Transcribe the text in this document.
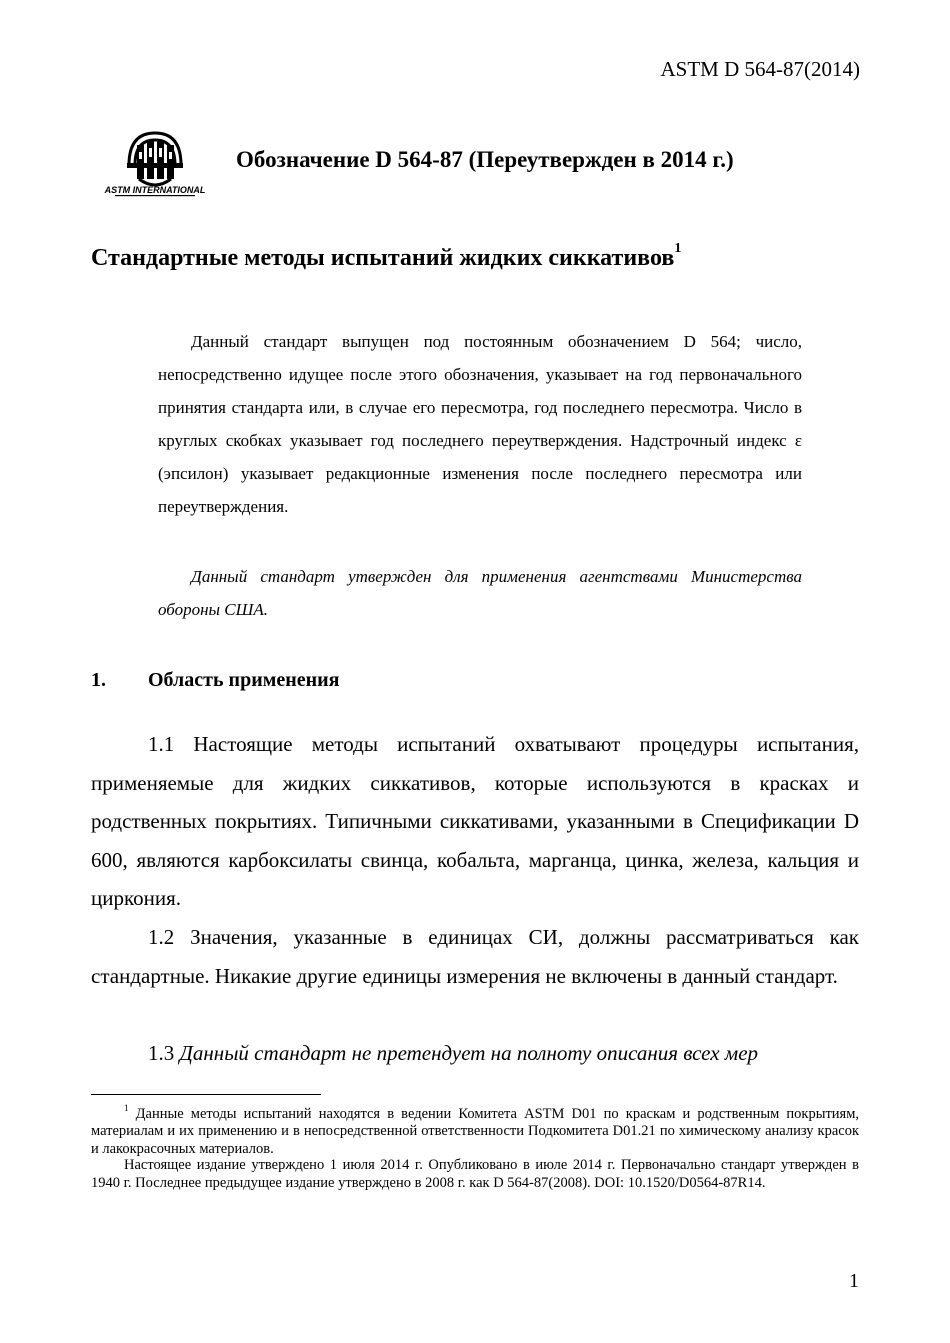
ASTM D 564-87(2014)
ASTM INTERNATIONAL
Обозначение D 564-87 (Переутвержден в 2014 г.)
Стандартные методы испытаний жидких сиккативов$^1$

Данный стандарт выпущен под постоянным обозначением D 564; число, непосредственно идущее после этого обозначения, указывает на год первоначального принятия стандарта или, в случае его пересмотра, год последнего пересмотра. Число в круглых скобках указывает год последнего переутверждения. Надстрочный индекс ε (эпсилон) указывает редакционные изменения после последнего пересмотра или переутверждения.

Данный стандарт утвержден для применения агентствами Министерства обороны США.

1. Область применения

1.1 Настоящие методы испытаний охватывают процедуры испытания, применяемые для жидких сиккативов, которые используются в красках и родственных покрытиях. Типичными сиккативами, указанными в Спецификации D 600, являются карбоксилаты свинца, кобальта, марганца, цинка, железа, кальция и циркония.

1.2 Значения, указанные в единицах СИ, должны рассматриваться как стандартные. Никакие другие единицы измерения не включены в данный стандарт.

1.3 Данный стандарт не претендует на полноту описания всех мер

$^1$ Данные методы испытаний находятся в ведении Комитета ASTM D01 по краскам и родственным покрытиям, материалам и их применению и в непосредственной ответственности Подкомитета D01.21 по химическому анализу красок и лакокрасочных материалов.

Настоящее издание утверждено 1 июля 2014 г. Опубликовано в июле 2014 г. Первоначально стандарт утвержден в 1940 г. Последнее предыдущее издание утверждено в 2008 г. как D 564-87(2008). DOI: 10.1520/D0564-87R14.

1
